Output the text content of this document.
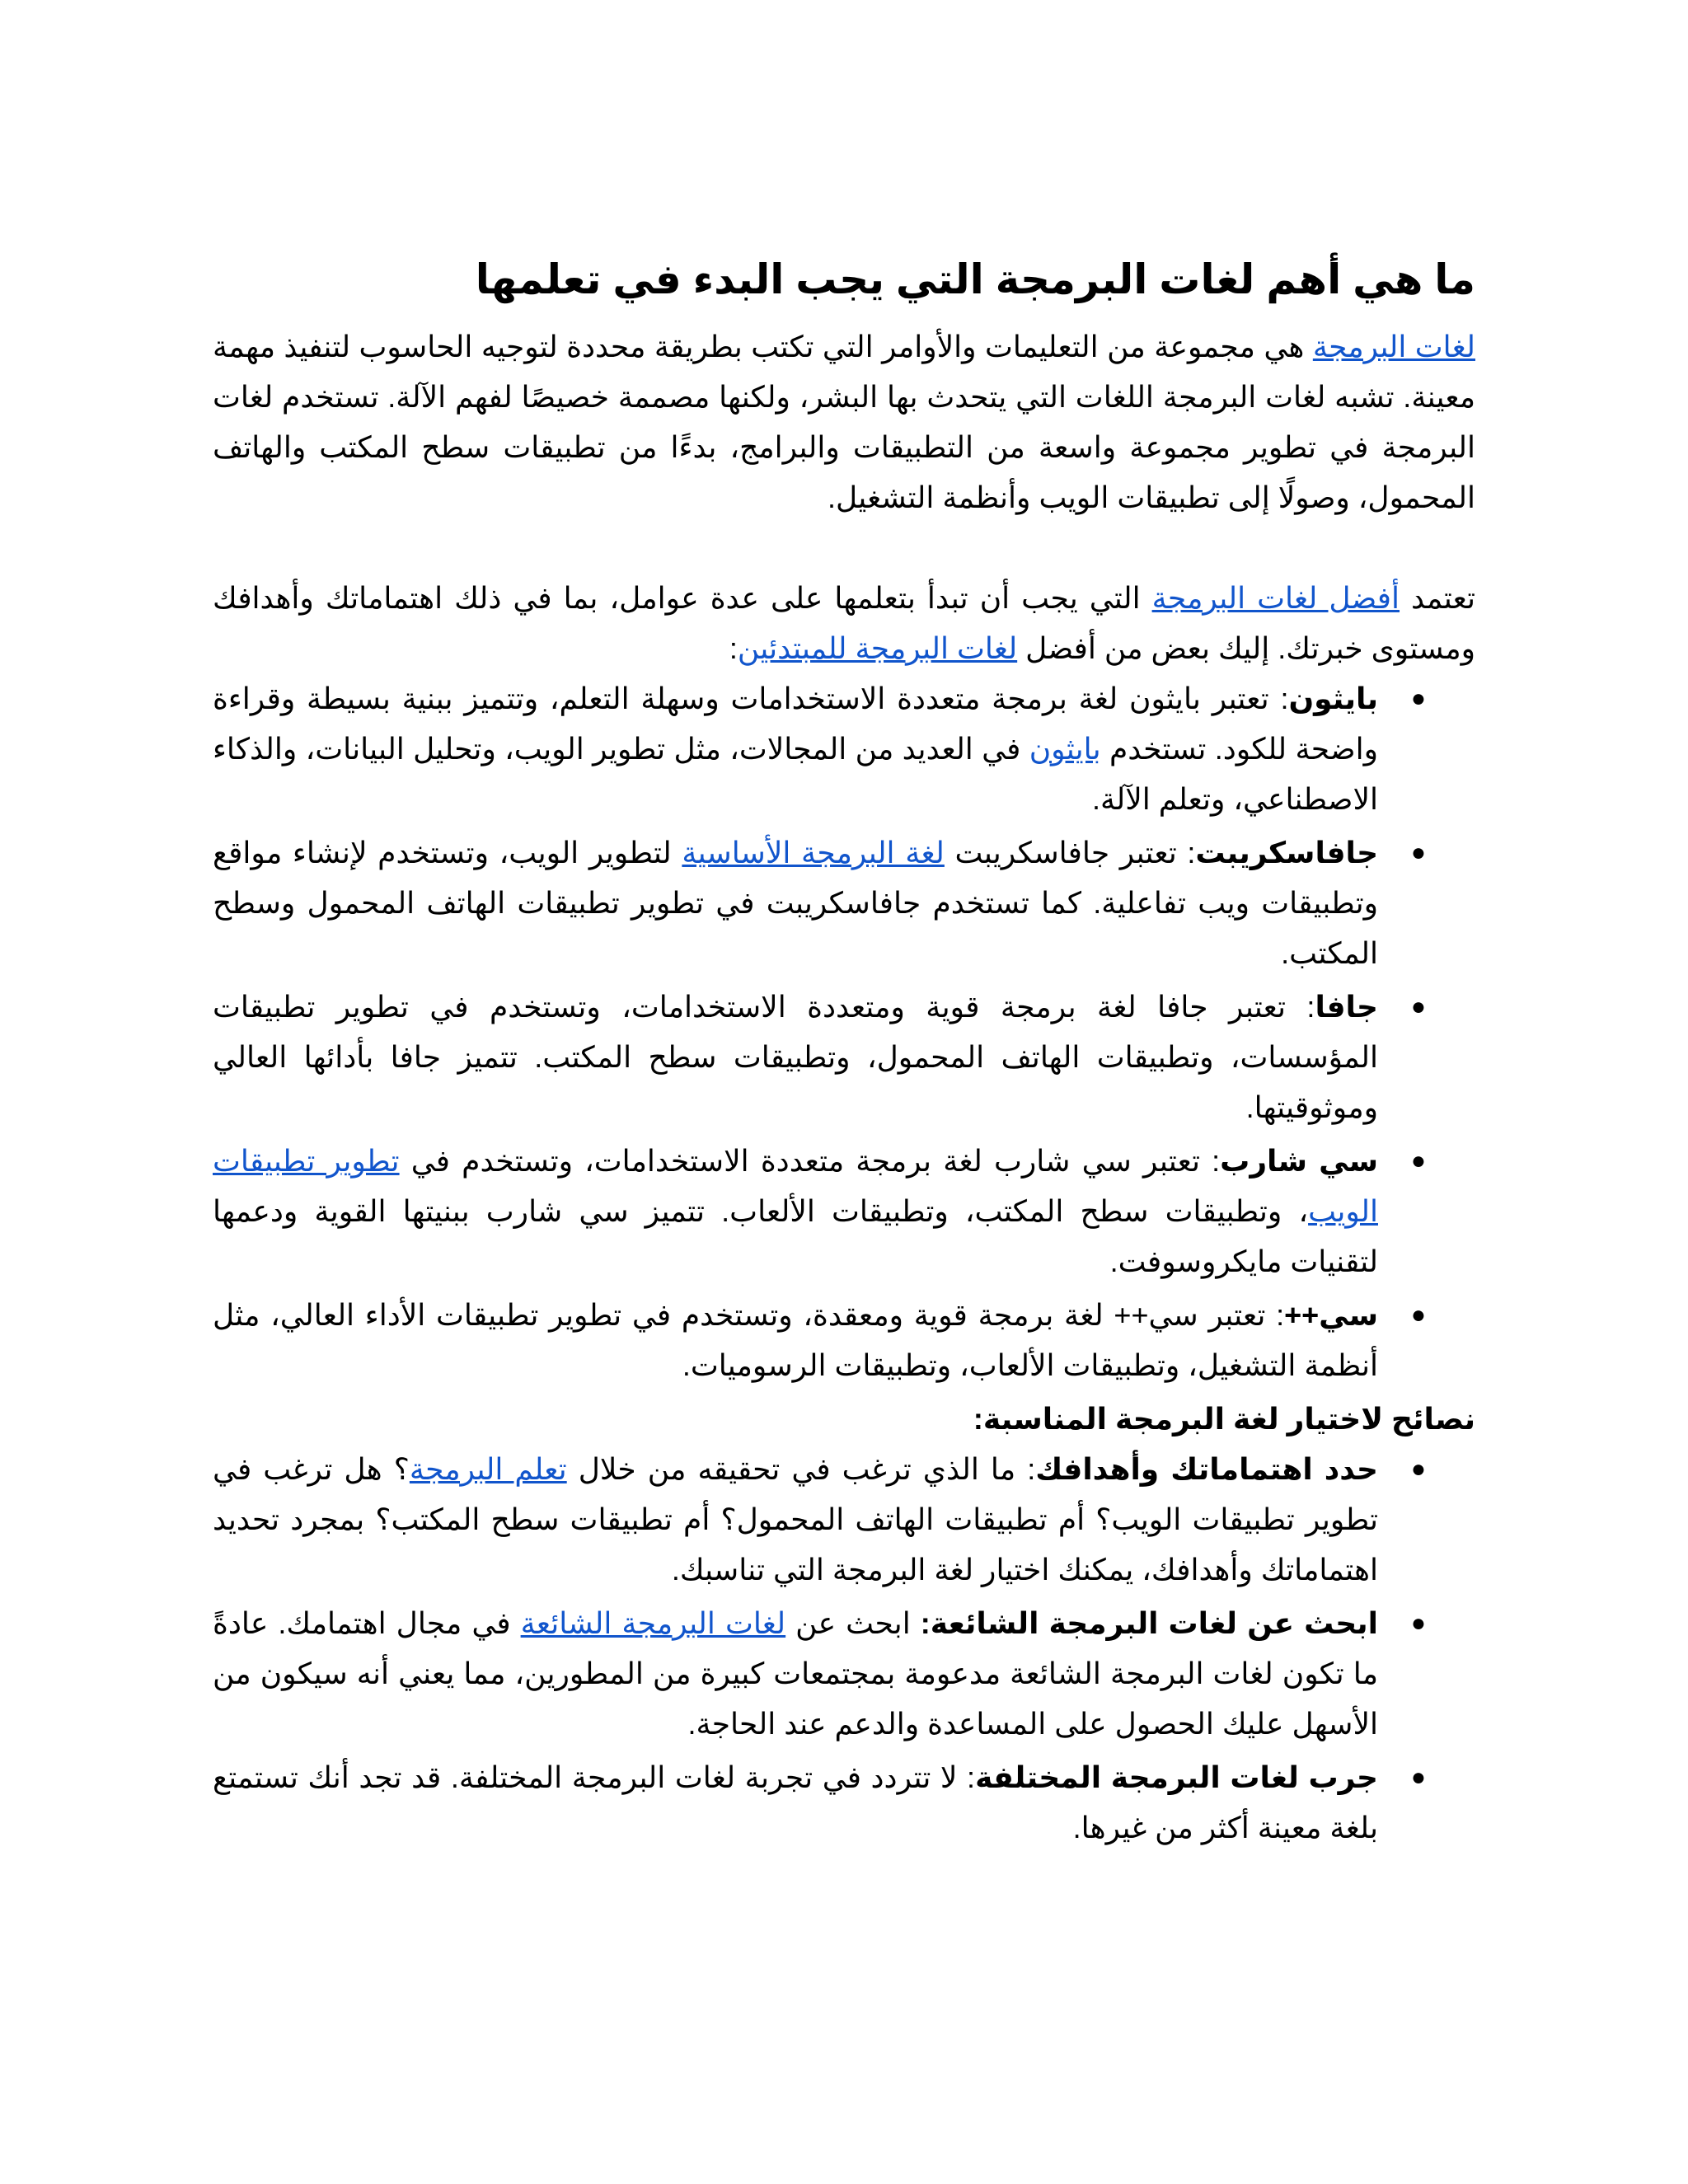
ما هي أهم لغات البرمجة التي يجب البدء في تعلمها

لغات البرمجة هي مجموعة من التعليمات والأوامر التي تكتب بطريقة محددة لتوجيه الحاسوب لتنفيذ مهمة معينة. تشبه لغات البرمجة اللغات التي يتحدث بها البشر، ولكنها مصممة خصيصًا لفهم الآلة. تستخدم لغات البرمجة في تطوير مجموعة واسعة من التطبيقات والبرامج، بدءًا من تطبيقات سطح المكتب والهاتف المحمول، وصولًا إلى تطبيقات الويب وأنظمة التشغيل.

تعتمد أفضل لغات البرمجة التي يجب أن تبدأ بتعلمها على عدة عوامل، بما في ذلك اهتماماتك وأهدافك ومستوى خبرتك. إليك بعض من أفضل لغات البرمجة للمبتدئين:

●
بايثون: تعتبر بايثون لغة برمجة متعددة الاستخدامات وسهلة التعلم، وتتميز ببنية بسيطة وقراءة واضحة للكود. تستخدم بايثون في العديد من المجالات، مثل تطوير الويب، وتحليل البيانات، والذكاء الاصطناعي، وتعلم الآلة.
●
جافاسكريبت: تعتبر جافاسكريبت لغة البرمجة الأساسية لتطوير الويب، وتستخدم لإنشاء مواقع وتطبيقات ويب تفاعلية. كما تستخدم جافاسكريبت في تطوير تطبيقات الهاتف المحمول وسطح المكتب.
●
جافا: تعتبر جافا لغة برمجة قوية ومتعددة الاستخدامات، وتستخدم في تطوير تطبيقات المؤسسات، وتطبيقات الهاتف المحمول، وتطبيقات سطح المكتب. تتميز جافا بأدائها العالي وموثوقيتها.
●
سي شارب: تعتبر سي شارب لغة برمجة متعددة الاستخدامات، وتستخدم في تطوير تطبيقات الويب، وتطبيقات سطح المكتب، وتطبيقات الألعاب. تتميز سي شارب ببنيتها القوية ودعمها لتقنيات مايكروسوفت.
●
سي++: تعتبر سي++ لغة برمجة قوية ومعقدة، وتستخدم في تطوير تطبيقات الأداء العالي، مثل أنظمة التشغيل، وتطبيقات الألعاب، وتطبيقات الرسوميات.

نصائح لاختيار لغة البرمجة المناسبة:

●
حدد اهتماماتك وأهدافك: ما الذي ترغب في تحقيقه من خلال تعلم البرمجة؟ هل ترغب في تطوير تطبيقات الويب؟ أم تطبيقات الهاتف المحمول؟ أم تطبيقات سطح المكتب؟ بمجرد تحديد اهتماماتك وأهدافك، يمكنك اختيار لغة البرمجة التي تناسبك.
●
ابحث عن لغات البرمجة الشائعة: ابحث عن لغات البرمجة الشائعة في مجال اهتمامك. عادةً ما تكون لغات البرمجة الشائعة مدعومة بمجتمعات كبيرة من المطورين، مما يعني أنه سيكون من الأسهل عليك الحصول على المساعدة والدعم عند الحاجة.
●
جرب لغات البرمجة المختلفة: لا تتردد في تجربة لغات البرمجة المختلفة. قد تجد أنك تستمتع بلغة معينة أكثر من غيرها.
